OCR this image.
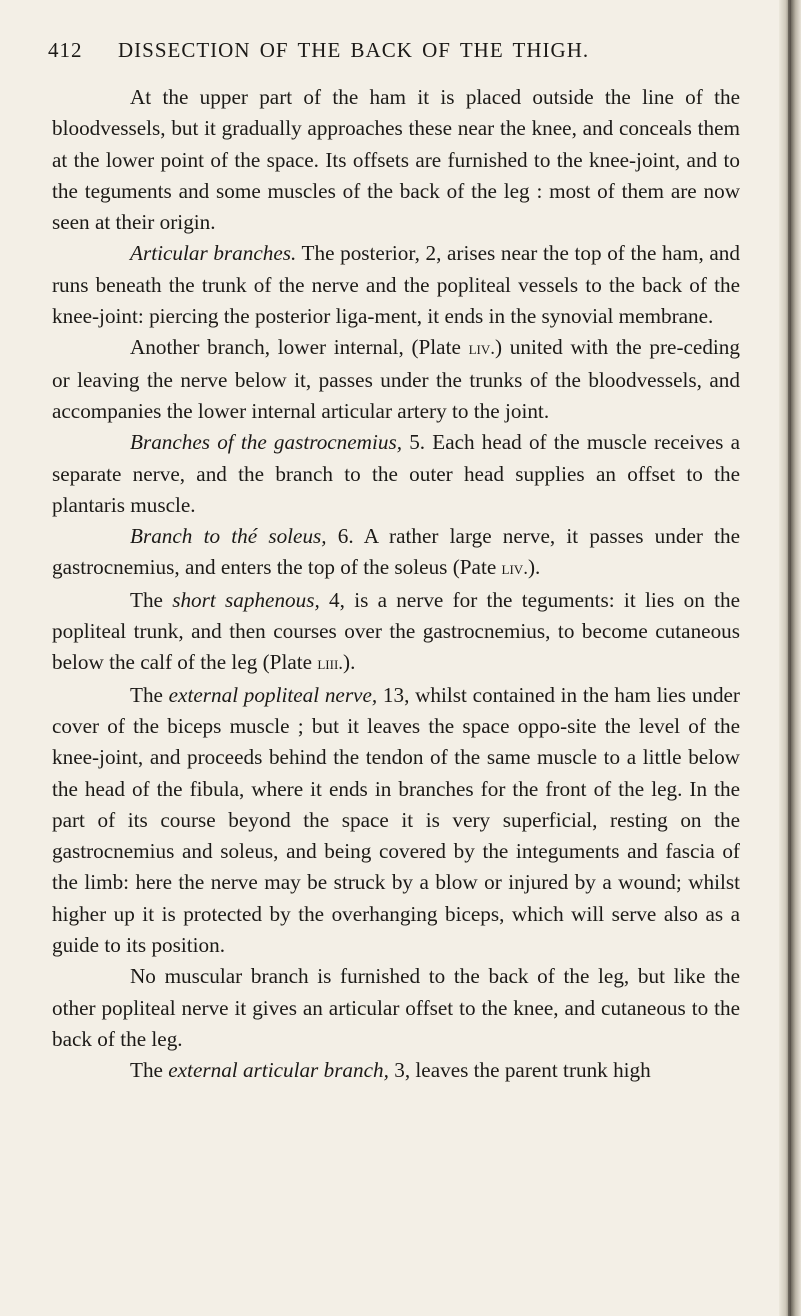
412 DISSECTION OF THE BACK OF THE THIGH.

At the upper part of the ham it is placed outside the line of the bloodvessels, but it gradually approaches these near the knee, and conceals them at the lower point of the space. Its offsets are furnished to the knee-joint, and to the teguments and some muscles of the back of the leg : most of them are now seen at their origin.

Articular branches. The posterior, 2, arises near the top of the ham, and runs beneath the trunk of the nerve and the popliteal vessels to the back of the knee-joint: piercing the posterior liga-ment, it ends in the synovial membrane.

Another branch, lower internal, (Plate liv.) united with the pre-ceding or leaving the nerve below it, passes under the trunks of the bloodvessels, and accompanies the lower internal articular artery to the joint.

Branches of the gastrocnemius, 5. Each head of the muscle receives a separate nerve, and the branch to the outer head supplies an offset to the plantaris muscle.

Branch to thé soleus, 6. A rather large nerve, it passes under the gastrocnemius, and enters the top of the soleus (Pate liv.).

The short saphenous, 4, is a nerve for the teguments: it lies on the popliteal trunk, and then courses over the gastrocnemius, to become cutaneous below the calf of the leg (Plate liii.).

The external popliteal nerve, 13, whilst contained in the ham lies under cover of the biceps muscle ; but it leaves the space oppo-site the level of the knee-joint, and proceeds behind the tendon of the same muscle to a little below the head of the fibula, where it ends in branches for the front of the leg. In the part of its course beyond the space it is very superficial, resting on the gastrocnemius and soleus, and being covered by the integuments and fascia of the limb: here the nerve may be struck by a blow or injured by a wound; whilst higher up it is protected by the overhanging biceps, which will serve also as a guide to its position.

No muscular branch is furnished to the back of the leg, but like the other popliteal nerve it gives an articular offset to the knee, and cutaneous to the back of the leg.

The external articular branch, 3, leaves the parent trunk high
